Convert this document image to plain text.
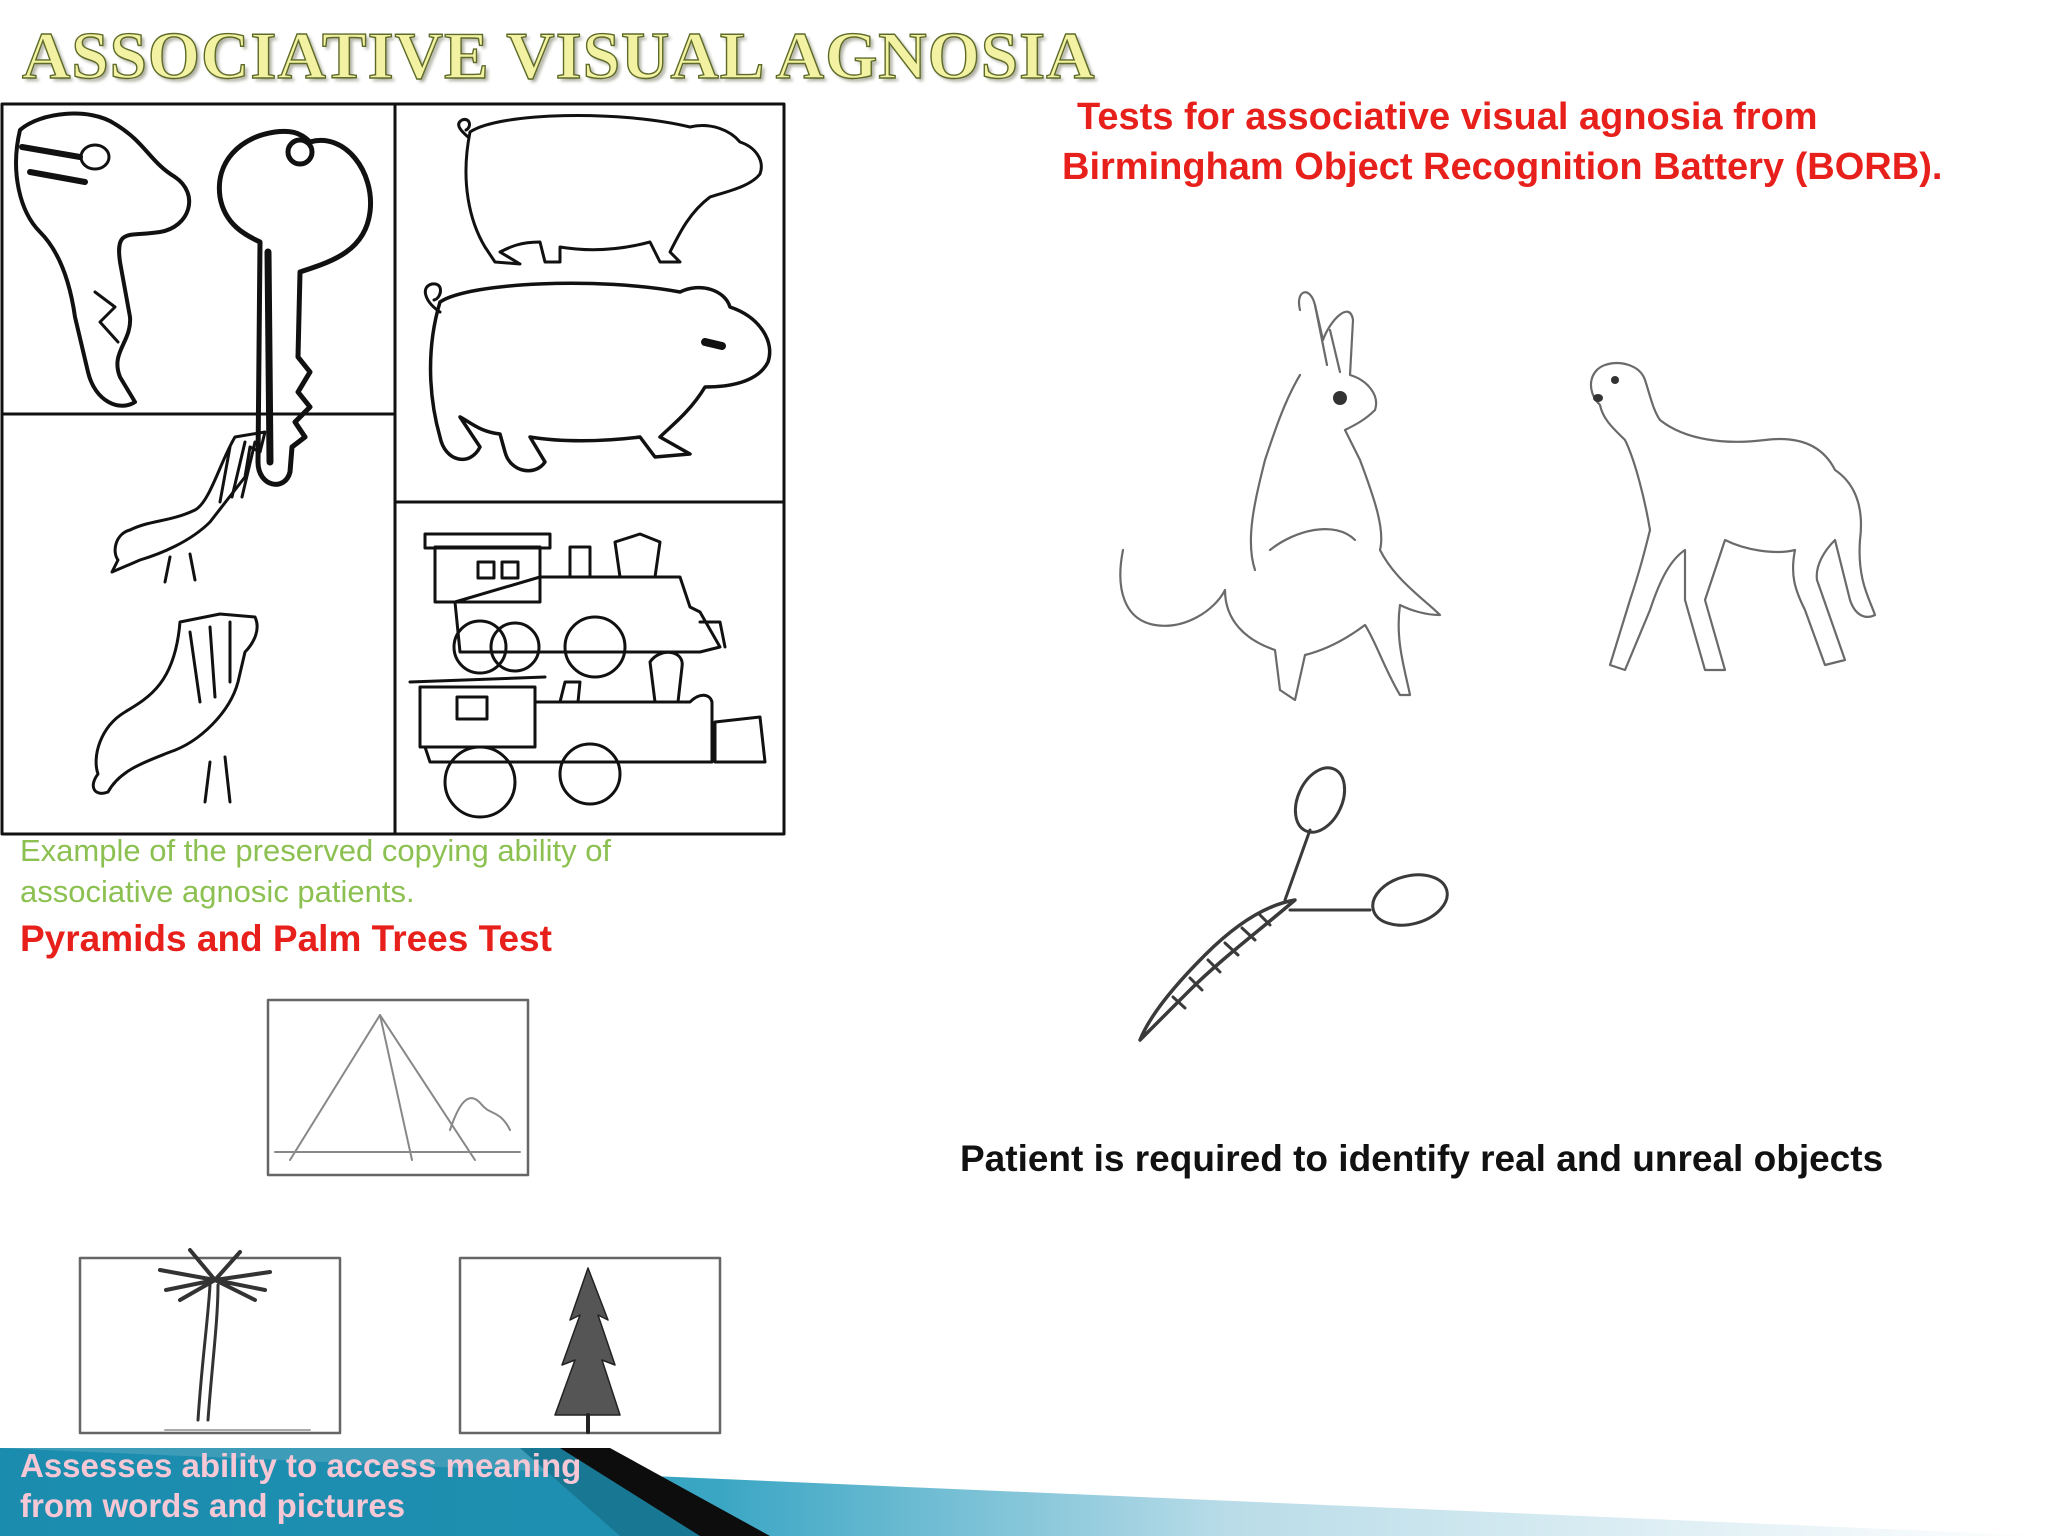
ASSOCIATIVE VISUAL AGNOSIA

Tests for associative visual agnosia from
Birmingham Object Recognition Battery (BORB).

Example of the preserved copying ability of
associative agnosic patients.

Pyramids and Palm Trees Test

Patient is required to identify real and unreal objects

Assesses ability to access meaning
from words and pictures
